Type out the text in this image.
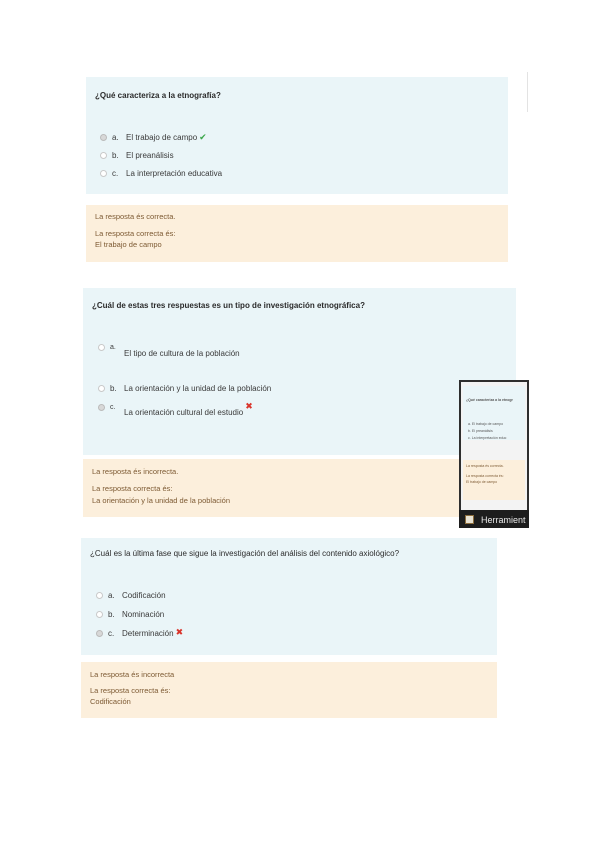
¿Qué caracteriza a la etnografía?
a. El trabajo de campo ✔
b. El preanálisis
c. La interpretación educativa
La resposta és correcta.
La resposta correcta és:
El trabajo de campo
¿Cuál de estas tres respuestas es un tipo de investigación etnográfica?
a.
El tipo de cultura de la población
b. La orientación y la unidad de la población
c.
La orientación cultural del estudio
✖
La resposta és incorrecta.
La resposta correcta és:
La orientación y la unidad de la población
¿Cuál es la última fase que sigue la investigación del análisis del contenido axiológico?
a. Codificación
b. Nominación
c. Determinación ✖
La resposta és incorrecta
La resposta correcta és:
Codificación
¿Qué caracteriza a la etnogr
a. El trabajo de campo
b. El preanálisis
c. La interpretación educ
La resposta és correcta.
La resposta correcta és:
El trabajo de campo
Herramient
